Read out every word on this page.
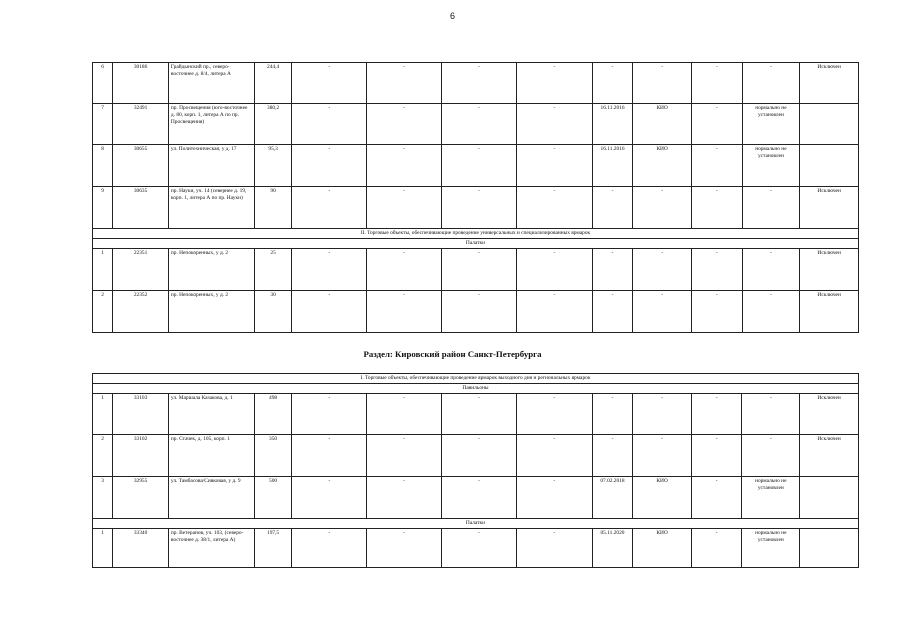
6
6	30186	Грайдынский пр., северо-восточнее д. 8/4, литера А	244,4	-	-	-	-	-	-	-	-	Исключен
7	32491	пр. Просвещения (юго-восточнее д. 80, корп. 1, литера А по пр. Просвещения)	380,2	-	-	-	-	16.11.2016	КИО	-	нормально не установлен	
8	30655	ул. Политехническая, у д. 17	95,3	-	-	-	-	16.11.2016	КИО	-	нормально не установлен	
9	30635	пр. Науки, уч. 14 (севернее д. 19, корп. 1, литера А по пр. Науки)	90	-	-	-	-	-	-	-	-	Исключен
II. Торговые объекты, обеспечивающие проведение универсальных и специализированных ярмарок												
Палатки												
1	22351	пр. Непокоренных, у д. 2	25	-	-	-	-	-	-	-	-	Исключен
2	22352	пр. Непокоренных, у д. 2	30	-	-	-	-	-	-	-	-	Исключен
Раздел: Кировский район Санкт-Петербурга
I. Торговые объекты, обеспечивающие проведение ярмарок выходного дня и региональных ярмарок												
Павильоны												
1	33103	ул. Маршала Казакова, д. 1	498	-	-	-	-	-	-	-	-	Исключен
2	33102	пр. Стачек, д. 105, корп. 1	350	-	-	-	-	-	-	-	-	Исключен
3	32955	ул. Тамбасова/Сивковая, у д. 9	500	-	-	-	-	07.02.2018	КИО	-	нормально не установлен	
Палатки												
1	33340	пр. Ветеранов, уч. 103, (северо-восточнее д. 38/1, литера А)	197,5	-	-	-	-	05.11.2020	КИО	-	нормально не установлен	
